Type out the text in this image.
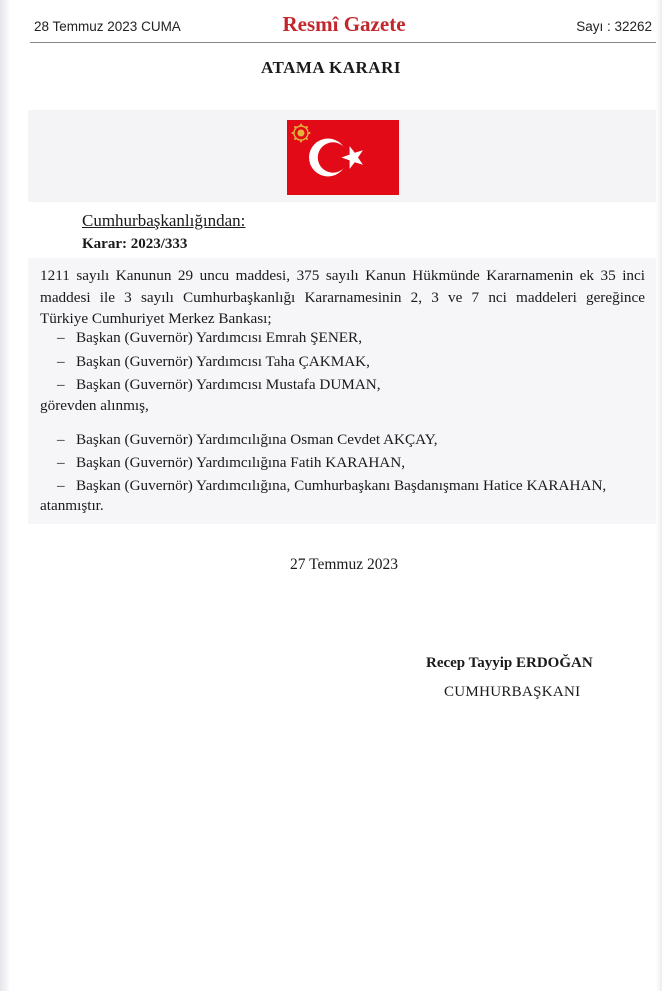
28 Temmuz 2023 CUMA	Resmî Gazete	Sayı : 32262
ATAMA KARARI
Cumhurbaşkanlığından:
Karar: 2023/333
1211 sayılı Kanunun 29 uncu maddesi, 375 sayılı Kanun Hükmünde Kararnamenin ek 35 inci
maddesi ile 3 sayılı Cumhurbaşkanlığı Kararnamesinin 2, 3 ve 7 nci maddeleri gereğince
Türkiye Cumhuriyet Merkez Bankası;
– Başkan (Guvernör) Yardımcısı Emrah ŞENER,
– Başkan (Guvernör) Yardımcısı Taha ÇAKMAK,
– Başkan (Guvernör) Yardımcısı Mustafa DUMAN,
görevden alınmış,
– Başkan (Guvernör) Yardımcılığına Osman Cevdet AKÇAY,
– Başkan (Guvernör) Yardımcılığına Fatih KARAHAN,
– Başkan (Guvernör) Yardımcılığına, Cumhurbaşkanı Başdanışmanı Hatice KARAHAN,
atanmıştır.
27 Temmuz 2023
Recep Tayyip ERDOĞAN
CUMHURBAŞKANI
